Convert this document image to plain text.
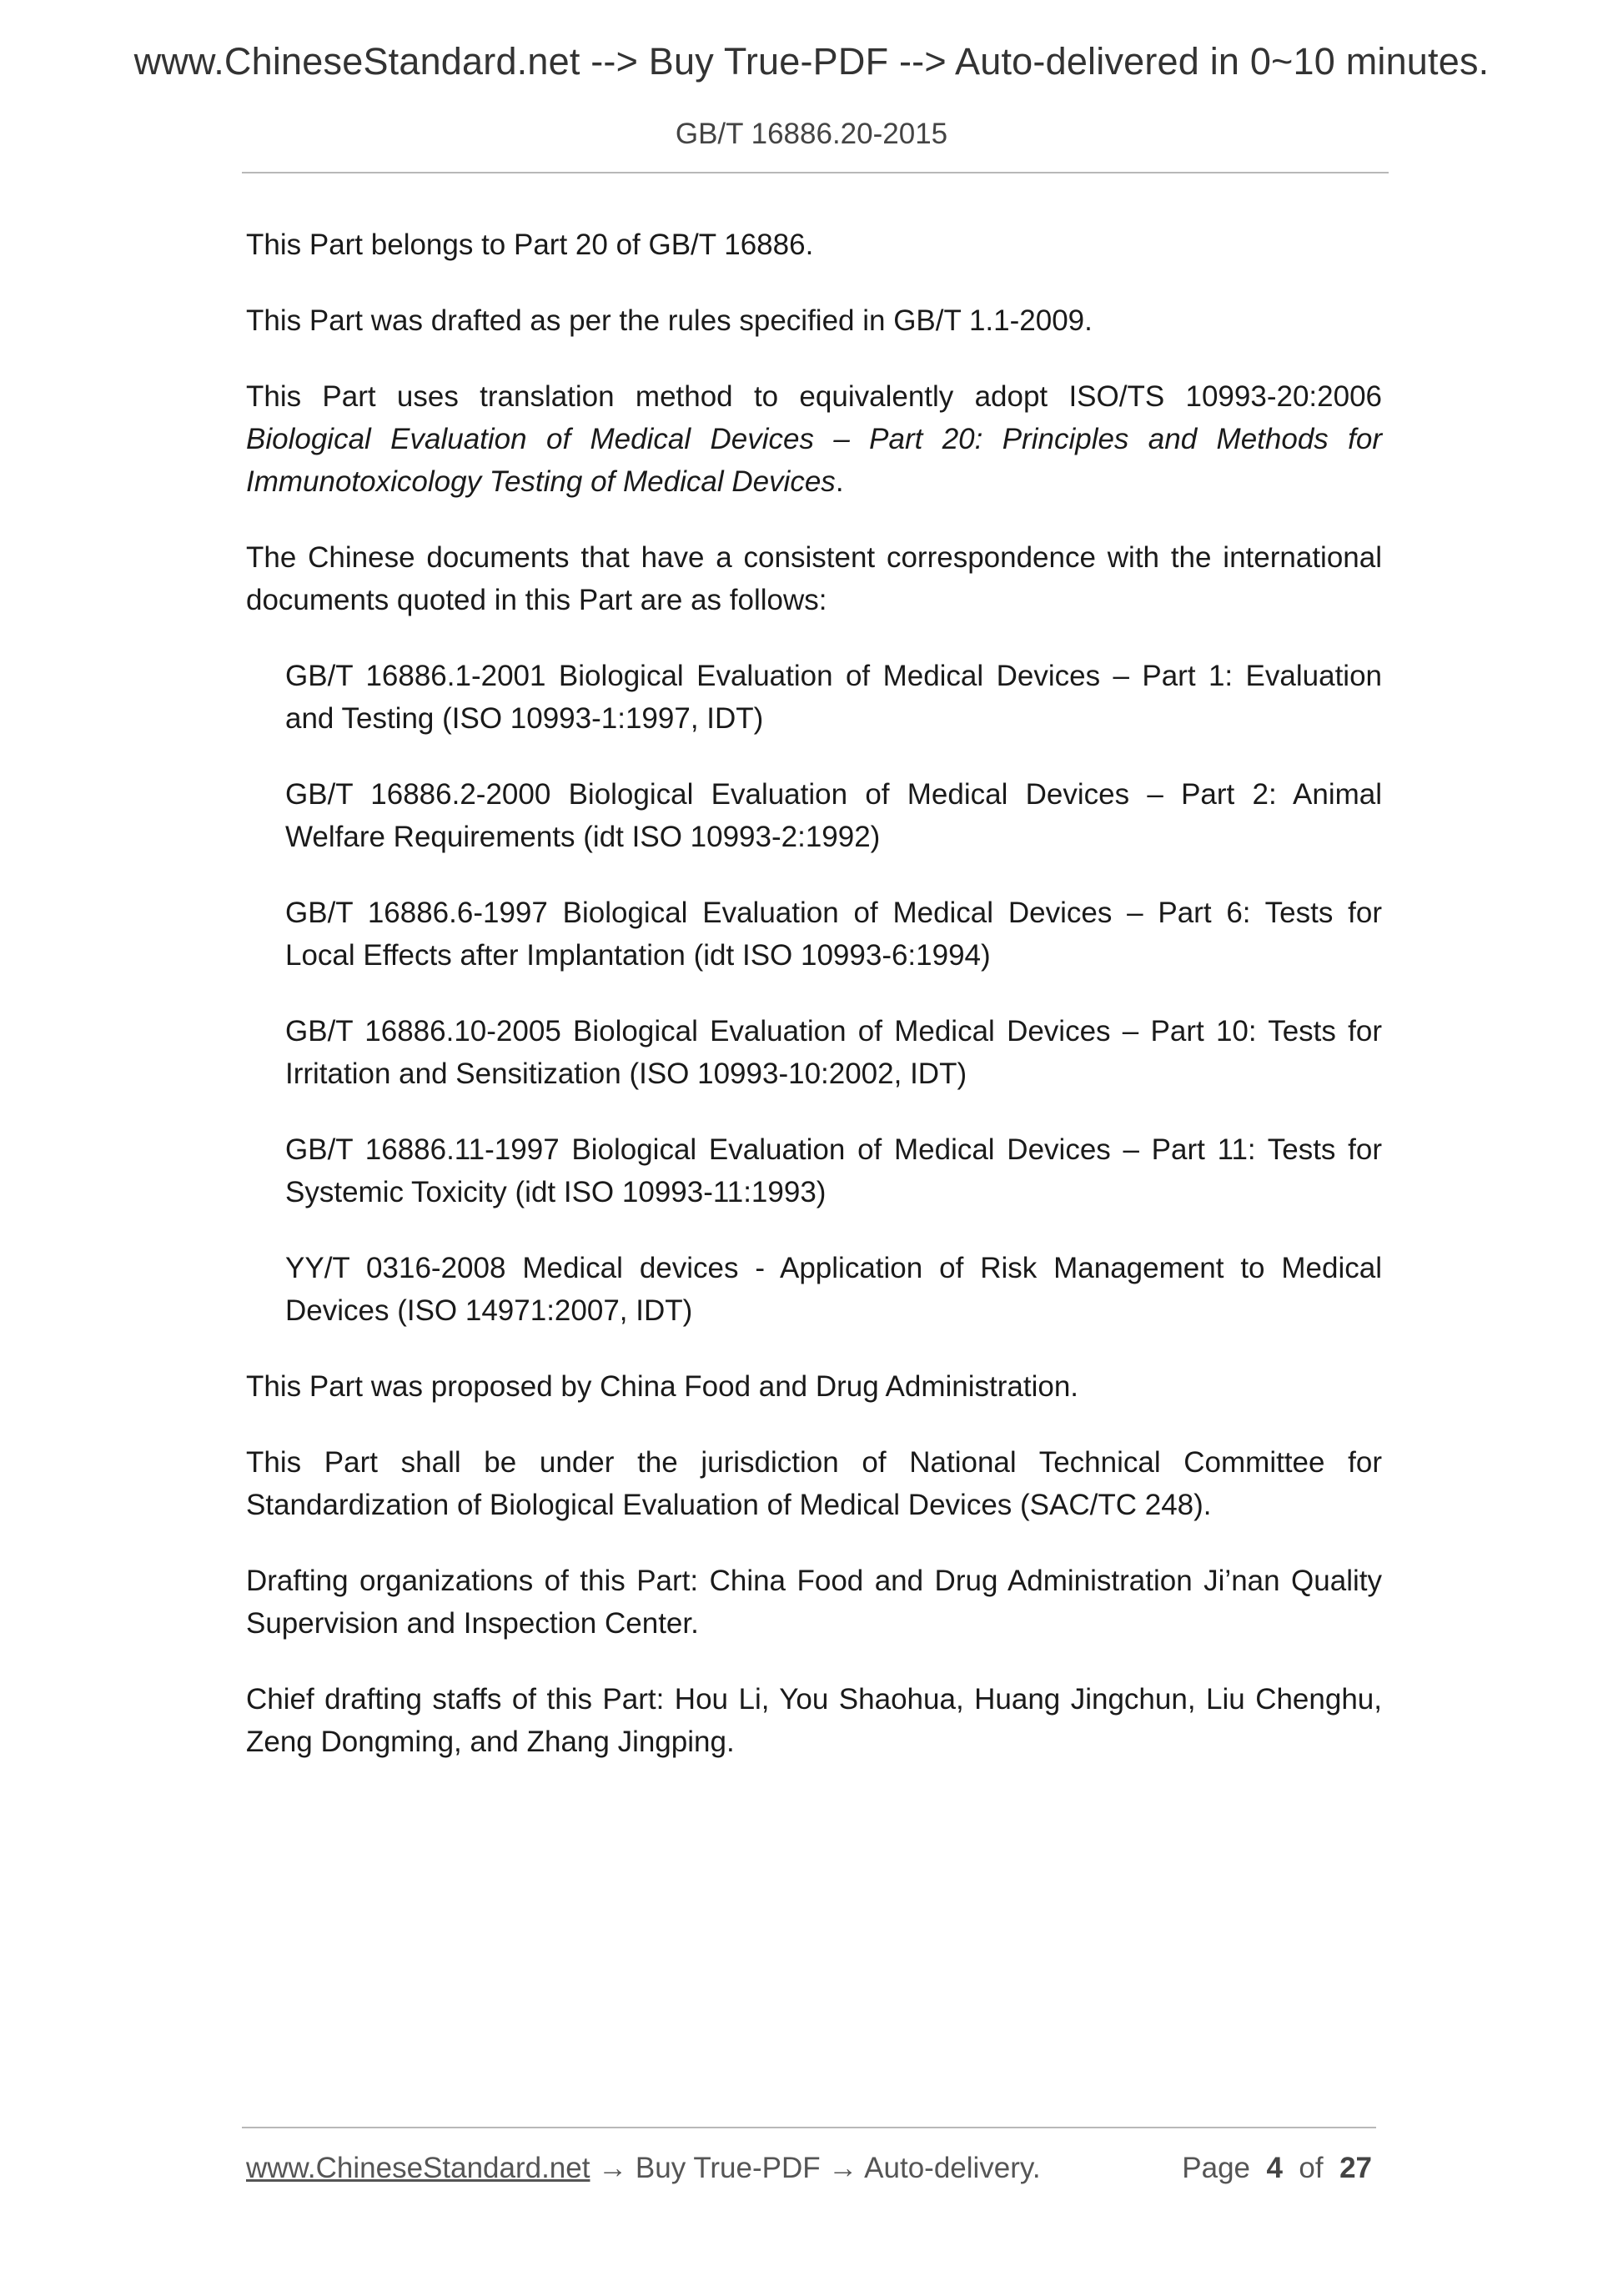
www.ChineseStandard.net --> Buy True-PDF --> Auto-delivered in 0~10 minutes.
GB/T 16886.20-2015

This Part belongs to Part 20 of GB/T 16886.

This Part was drafted as per the rules specified in GB/T 1.1-2009.

This Part uses translation method to equivalently adopt ISO/TS 10993-20:2006 Biological Evaluation of Medical Devices – Part 20: Principles and Methods for Immunotoxicology Testing of Medical Devices.

The Chinese documents that have a consistent correspondence with the international documents quoted in this Part are as follows:

GB/T 16886.1-2001 Biological Evaluation of Medical Devices – Part 1: Evaluation and Testing (ISO 10993-1:1997, IDT)

GB/T 16886.2-2000 Biological Evaluation of Medical Devices – Part 2: Animal Welfare Requirements (idt ISO 10993-2:1992)

GB/T 16886.6-1997 Biological Evaluation of Medical Devices – Part 6: Tests for Local Effects after Implantation (idt ISO 10993-6:1994)

GB/T 16886.10-2005 Biological Evaluation of Medical Devices – Part 10: Tests for Irritation and Sensitization (ISO 10993-10:2002, IDT)

GB/T 16886.11-1997 Biological Evaluation of Medical Devices – Part 11: Tests for Systemic Toxicity (idt ISO 10993-11:1993)

YY/T 0316-2008 Medical devices - Application of Risk Management to Medical Devices (ISO 14971:2007, IDT)

This Part was proposed by China Food and Drug Administration.

This Part shall be under the jurisdiction of National Technical Committee for Standardization of Biological Evaluation of Medical Devices (SAC/TC 248).

Drafting organizations of this Part: China Food and Drug Administration Ji’nan Quality Supervision and Inspection Center.

Chief drafting staffs of this Part: Hou Li, You Shaohua, Huang Jingchun, Liu Chenghu, Zeng Dongming, and Zhang Jingping.

www.ChineseStandard.net → Buy True-PDF → Auto-delivery.	Page 4 of 27
